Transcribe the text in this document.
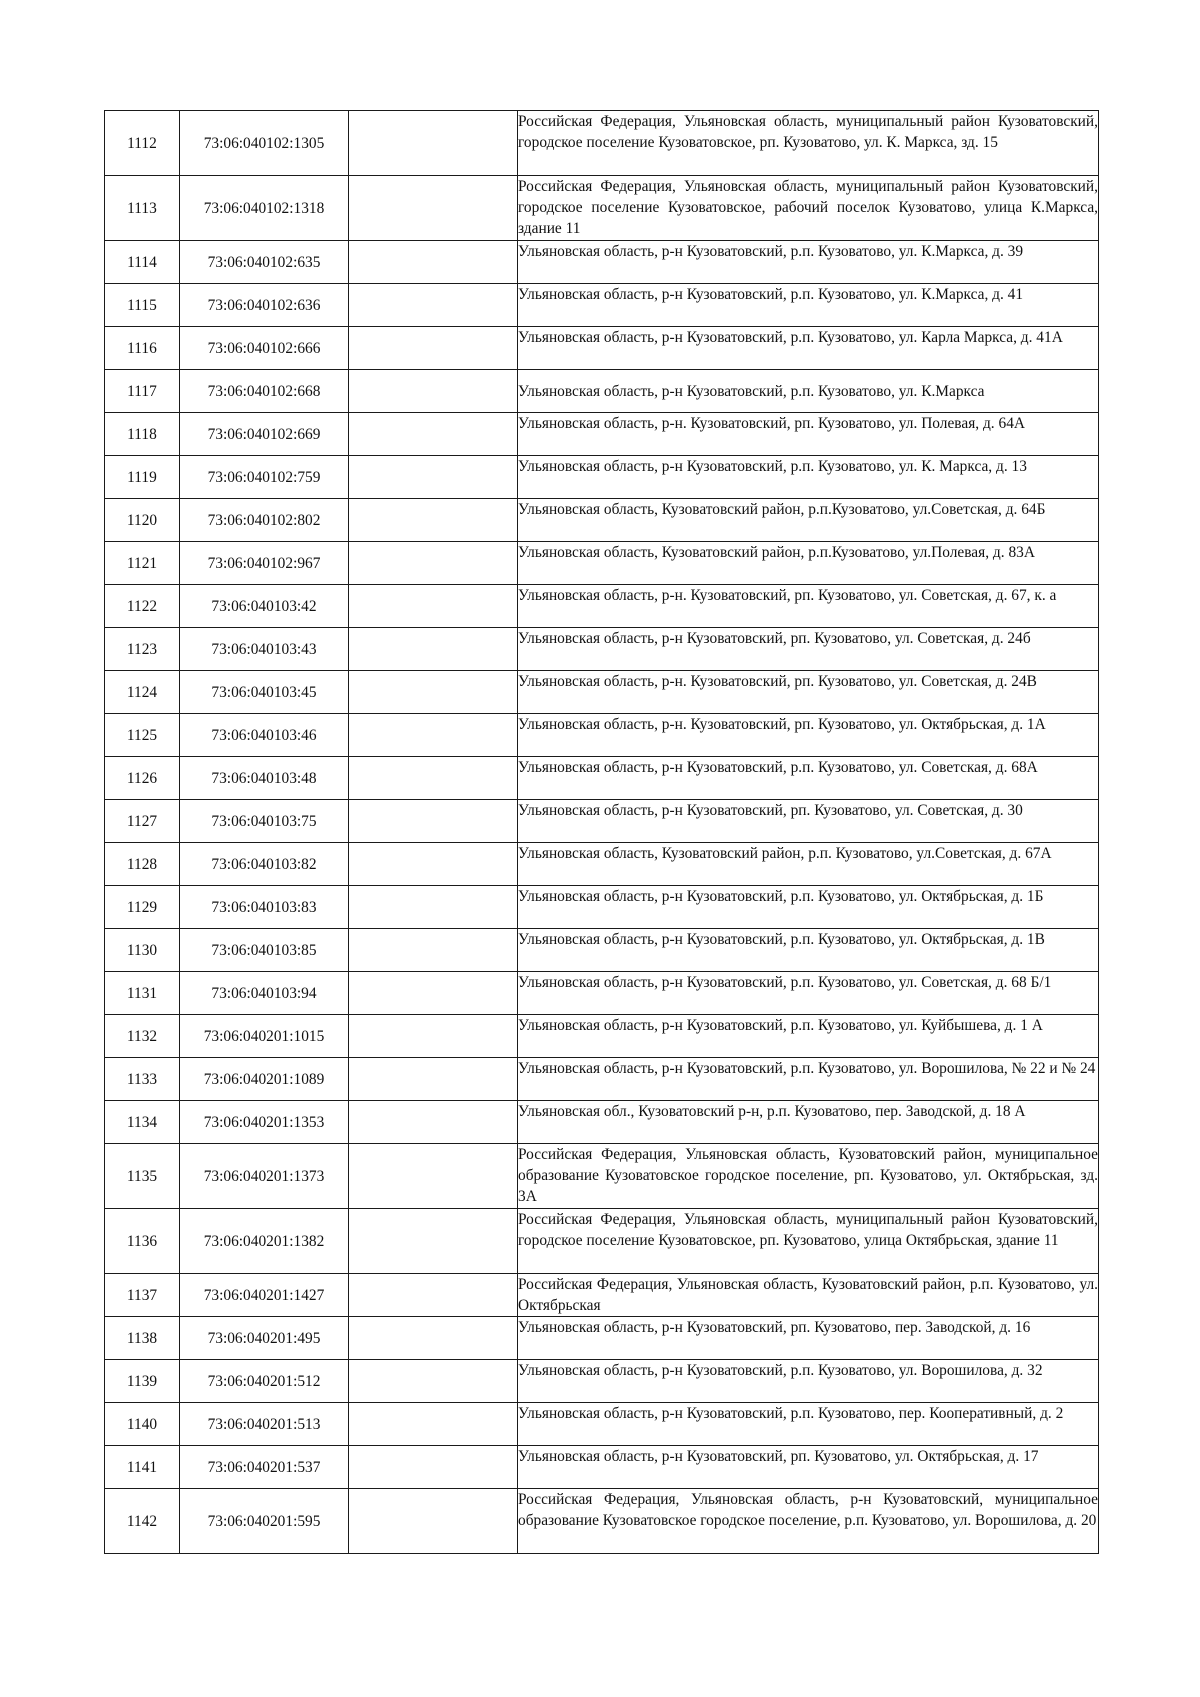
1112	73:06:040102:1305		Российская Федерация, Ульяновская область, муниципальный район Кузоватовский, городское поселение Кузоватовское, рп. Кузоватово, ул. К. Маркса, зд. 15
1113	73:06:040102:1318		Российская Федерация, Ульяновская область, муниципальный район Кузоватовский, городское поселение Кузоватовское, рабочий поселок Кузоватово, улица К.Маркса, здание 11
1114	73:06:040102:635		Ульяновская область, р-н Кузоватовский, р.п. Кузоватово, ул. К.Маркса, д. 39
1115	73:06:040102:636		Ульяновская область, р-н Кузоватовский, р.п. Кузоватово, ул. К.Маркса, д. 41
1116	73:06:040102:666		Ульяновская область, р-н Кузоватовский, р.п. Кузоватово, ул. Карла Маркса, д. 41А
1117	73:06:040102:668		Ульяновская область, р-н Кузоватовский, р.п. Кузоватово, ул. К.Маркса
1118	73:06:040102:669		Ульяновская область, р-н. Кузоватовский, рп. Кузоватово, ул. Полевая, д. 64А
1119	73:06:040102:759		Ульяновская область, р-н Кузоватовский, р.п. Кузоватово, ул. К. Маркса, д. 13
1120	73:06:040102:802		Ульяновская область, Кузоватовский район, р.п.Кузоватово, ул.Советская, д. 64Б
1121	73:06:040102:967		Ульяновская область, Кузоватовский район, р.п.Кузоватово, ул.Полевая, д. 83А
1122	73:06:040103:42		Ульяновская область, р-н. Кузоватовский, рп. Кузоватово, ул. Советская, д. 67, к. а
1123	73:06:040103:43		Ульяновская область, р-н Кузоватовский, рп. Кузоватово, ул. Советская, д. 24б
1124	73:06:040103:45		Ульяновская область, р-н. Кузоватовский, рп. Кузоватово, ул. Советская, д. 24В
1125	73:06:040103:46		Ульяновская область, р-н. Кузоватовский, рп. Кузоватово, ул. Октябрьская, д. 1А
1126	73:06:040103:48		Ульяновская область, р-н Кузоватовский, р.п. Кузоватово, ул. Советская, д. 68А
1127	73:06:040103:75		Ульяновская область, р-н Кузоватовский, рп. Кузоватово, ул. Советская, д. 30
1128	73:06:040103:82		Ульяновская область, Кузоватовский район, р.п. Кузоватово, ул.Советская, д. 67А
1129	73:06:040103:83		Ульяновская область, р-н Кузоватовский, р.п. Кузоватово, ул. Октябрьская, д. 1Б
1130	73:06:040103:85		Ульяновская область, р-н Кузоватовский, р.п. Кузоватово, ул. Октябрьская, д. 1В
1131	73:06:040103:94		Ульяновская область, р-н Кузоватовский, р.п. Кузоватово, ул. Советская, д. 68 Б/1
1132	73:06:040201:1015		Ульяновская область, р-н Кузоватовский, р.п. Кузоватово, ул. Куйбышева, д. 1 А
1133	73:06:040201:1089		Ульяновская область, р-н Кузоватовский, р.п. Кузоватово, ул. Ворошилова, № 22 и № 24
1134	73:06:040201:1353		Ульяновская обл., Кузоватовский р-н, р.п. Кузоватово, пер. Заводской, д. 18 А
1135	73:06:040201:1373		Российская Федерация, Ульяновская область, Кузоватовский район, муниципальное образование Кузоватовское городское поселение, рп. Кузоватово, ул. Октябрьская, зд. 3А
1136	73:06:040201:1382		Российская Федерация, Ульяновская область, муниципальный район Кузоватовский, городское поселение Кузоватовское, рп. Кузоватово, улица Октябрьская, здание 11
1137	73:06:040201:1427		Российская Федерация, Ульяновская область, Кузоватовский район, р.п. Кузоватово, ул. Октябрьская
1138	73:06:040201:495		Ульяновская область, р-н Кузоватовский, рп. Кузоватово, пер. Заводской, д. 16
1139	73:06:040201:512		Ульяновская область, р-н Кузоватовский, р.п. Кузоватово, ул. Ворошилова, д. 32
1140	73:06:040201:513		Ульяновская область, р-н Кузоватовский, р.п. Кузоватово, пер. Кооперативный, д. 2
1141	73:06:040201:537		Ульяновская область, р-н Кузоватовский, рп. Кузоватово, ул. Октябрьская, д. 17
1142	73:06:040201:595		Российская Федерация, Ульяновская область, р-н Кузоватовский, муниципальное образование Кузоватовское городское поселение, р.п. Кузоватово, ул. Ворошилова, д. 20
